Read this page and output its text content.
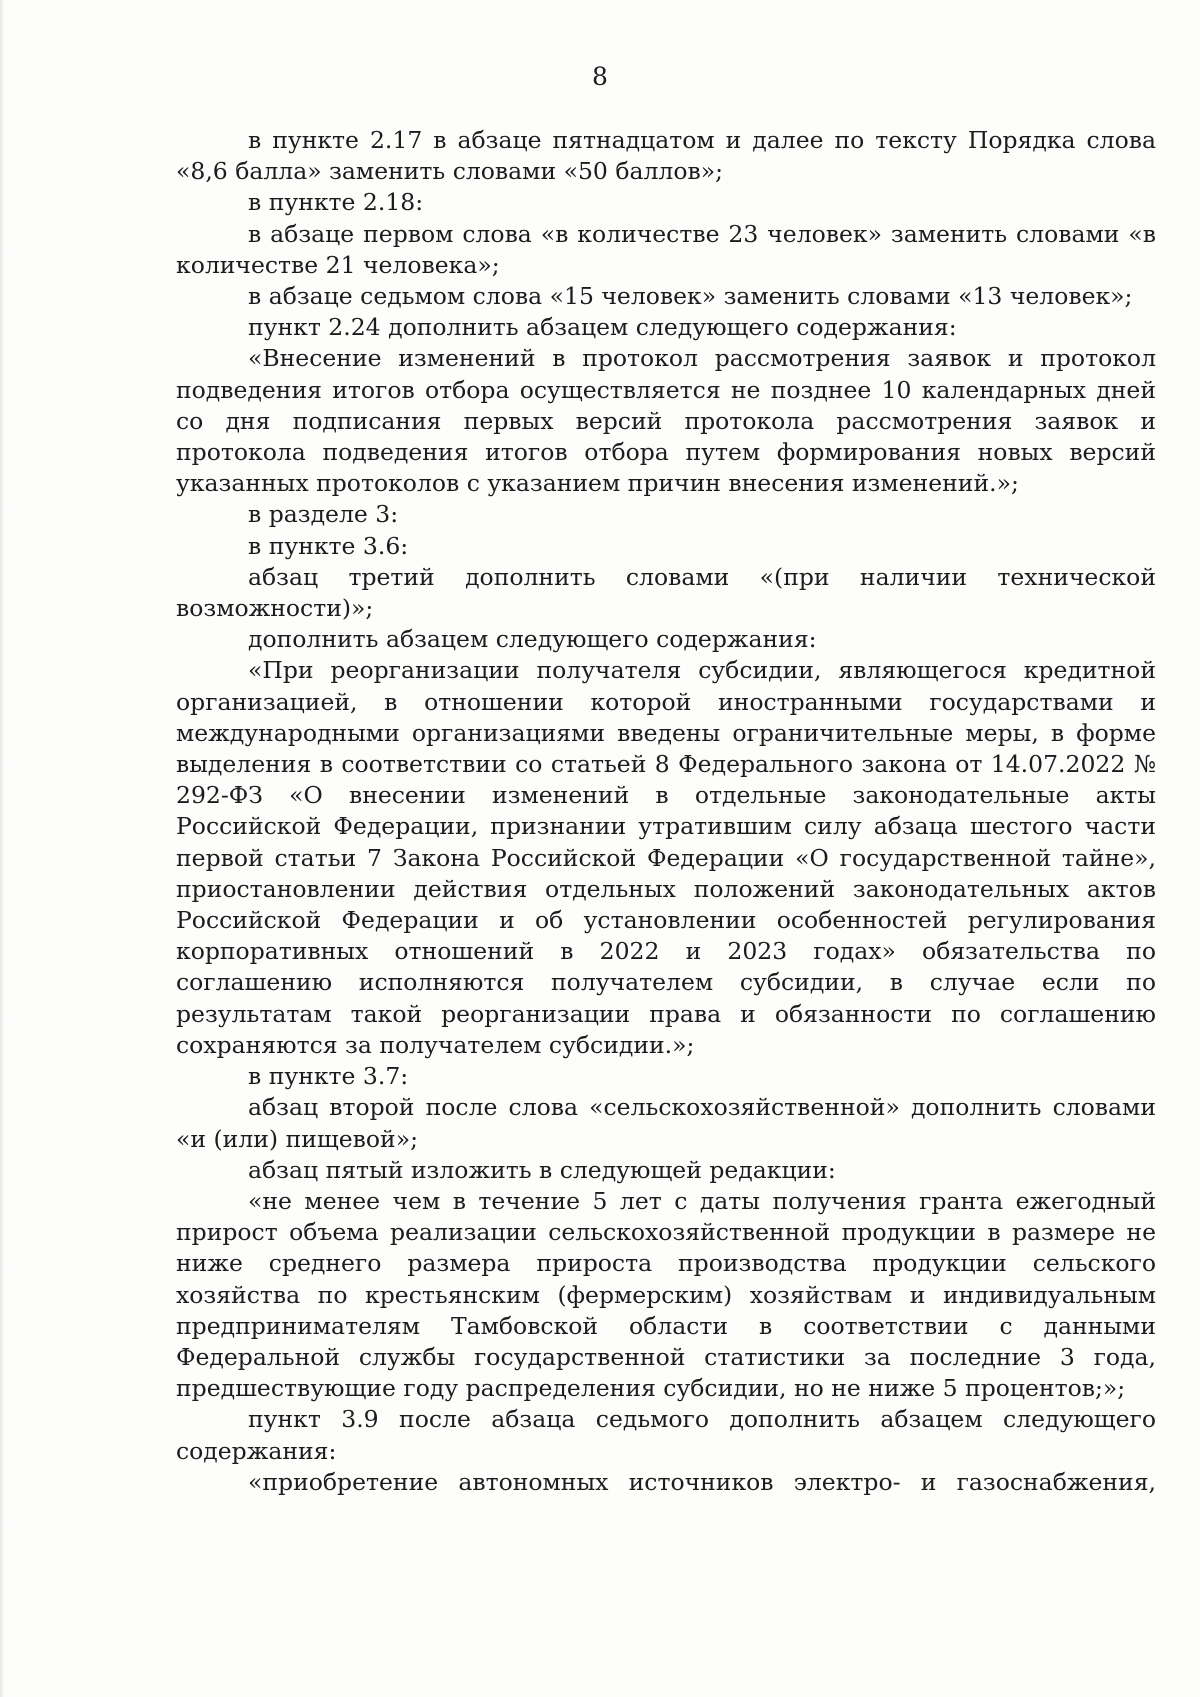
8

в пункте 2.17 в абзаце пятнадцатом и далее по тексту Порядка слова «8,6 балла» заменить словами «50 баллов»;

в пункте 2.18:

в абзаце первом слова «в количестве 23 человек» заменить словами «в количестве 21 человека»;

в абзаце седьмом слова «15 человек» заменить словами «13 человек»;

пункт 2.24 дополнить абзацем следующего содержания:

«Внесение изменений в протокол рассмотрения заявок и протокол подведения итогов отбора осуществляется не позднее 10 календарных дней со дня подписания первых версий протокола рассмотрения заявок и протокола подведения итогов отбора путем формирования новых версий указанных протоколов с указанием причин внесения изменений.»;

в разделе 3:

в пункте 3.6:

абзац третий дополнить словами «(при наличии технической возможности)»;

дополнить абзацем следующего содержания:

«При реорганизации получателя субсидии, являющегося кредитной организацией, в отношении которой иностранными государствами и международными организациями введены ограничительные меры, в форме выделения в соответствии со статьей 8 Федерального закона от 14.07.2022 № 292-ФЗ «О внесении изменений в отдельные законодательные акты Российской Федерации, признании утратившим силу абзаца шестого части первой статьи 7 Закона Российской Федерации «О государственной тайне», приостановлении действия отдельных положений законодательных актов Российской Федерации и об установлении особенностей регулирования корпоративных отношений в 2022 и 2023 годах» обязательства по соглашению исполняются получателем субсидии, в случае если по результатам такой реорганизации права и обязанности по соглашению сохраняются за получателем субсидии.»;

в пункте 3.7:

абзац второй после слова «сельскохозяйственной» дополнить словами «и (или) пищевой»;

абзац пятый изложить в следующей редакции:

«не менее чем в течение 5 лет с даты получения гранта ежегодный прирост объема реализации сельскохозяйственной продукции в размере не ниже среднего размера прироста производства продукции сельского хозяйства по крестьянским (фермерским) хозяйствам и индивидуальным предпринимателям Тамбовской области в соответствии с данными Федеральной службы государственной статистики за последние 3 года, предшествующие году распределения субсидии, но не ниже 5 процентов;»;

пункт 3.9 после абзаца седьмого дополнить абзацем следующего содержания:

«приобретение автономных источников электро- и газоснабжения,
